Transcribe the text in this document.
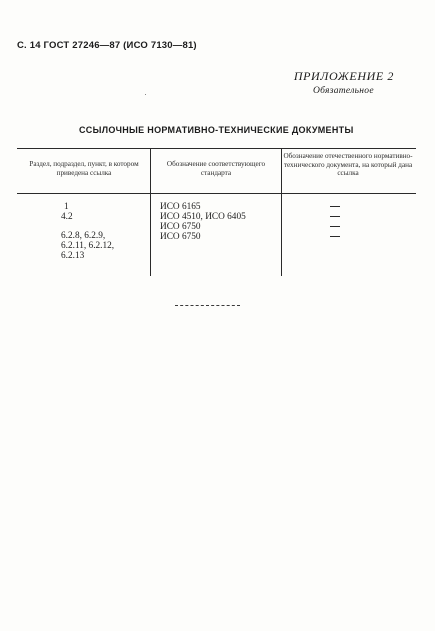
С. 14 ГОСТ 27246—87 (ИСО 7130—81)
ПРИЛОЖЕНИЕ 2
Обязательное
ССЫЛОЧНЫЕ НОРМАТИВНО-ТЕХНИЧЕСКИЕ ДОКУМЕНТЫ
Раздел, подраздел, пункт, в котором приведена ссылка
Обозначение соответствующего стандарта
Обозначение отечественного нормативно-технического документа, на который дана ссылка
1	ИСО 6165
4.2	ИСО 4510, ИСО 6405
6.2.8, 6.2.9,
ИСО 6750
6.2.11, 6.2.12,
ИСО 6750
6.2.13
